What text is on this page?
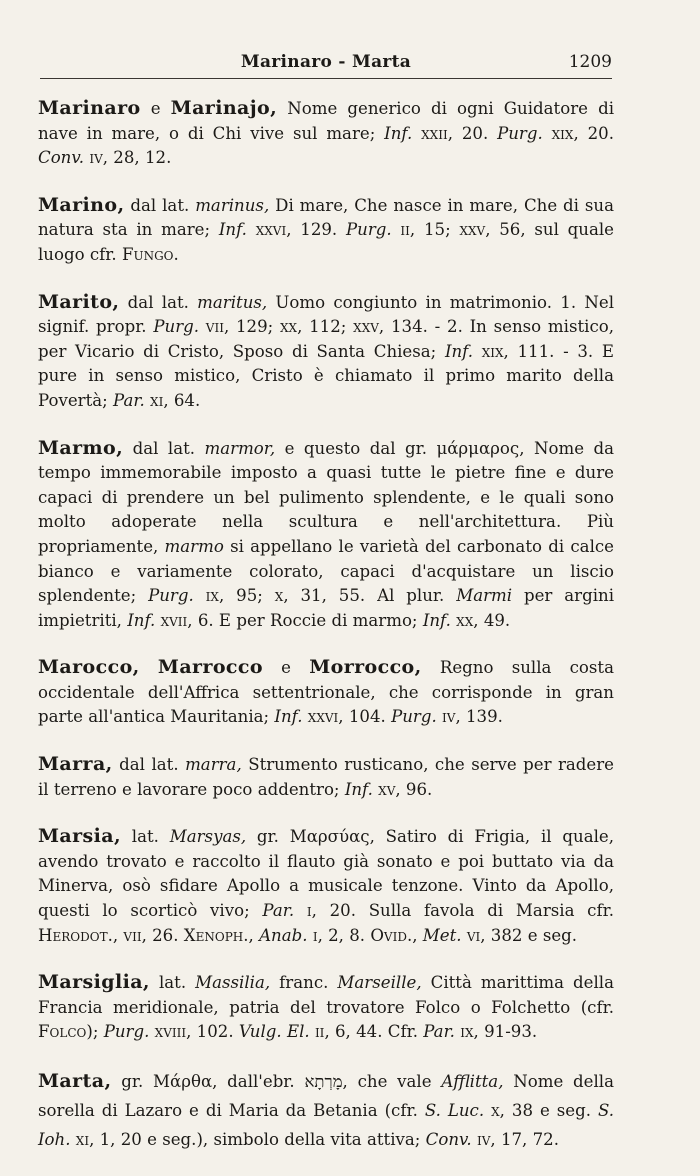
Marinaro - Marta	1209

Marinaro e Marinajo, Nome generico di ogni Guidatore di nave in mare, o di Chi vive sul mare; Inf. xxii, 20. Purg. xix, 20. Conv. iv, 28, 12.

Marino, dal lat. marinus, Di mare, Che nasce in mare, Che di sua natura sta in mare; Inf. xxvi, 129. Purg. ii, 15; xxv, 56, sul quale luogo cfr. Fungo.

Marito, dal lat. maritus, Uomo congiunto in matrimonio. 1. Nel signif. propr. Purg. vii, 129; xx, 112; xxv, 134. - 2. In senso mistico, per Vicario di Cristo, Sposo di Santa Chiesa; Inf. xix, 111. - 3. E pure in senso mistico, Cristo è chiamato il primo marito della Povertà; Par. xi, 64.

Marmo, dal lat. marmor, e questo dal gr. μάρμαρος, Nome da tempo immemorabile imposto a quasi tutte le pietre fine e dure capaci di prendere un bel pulimento splendente, e le quali sono molto adoperate nella scultura e nell'architettura. Più propriamente, marmo si appellano le varietà del carbonato di calce bianco e variamente colorato, capaci d'acquistare un liscio splendente; Purg. ix, 95; x, 31, 55. Al plur. Marmi per argini impietriti, Inf. xvii, 6. E per Roccie di marmo; Inf. xx, 49.

Marocco, Marrocco e Morrocco, Regno sulla costa occidentale dell'Affrica settentrionale, che corrisponde in gran parte all'antica Mauritania; Inf. xxvi, 104. Purg. iv, 139.

Marra, dal lat. marra, Strumento rusticano, che serve per radere il terreno e lavorare poco addentro; Inf. xv, 96.

Marsia, lat. Marsyas, gr. Μαρσύας, Satiro di Frigia, il quale, avendo trovato e raccolto il flauto già sonato e poi buttato via da Minerva, osò sfidare Apollo a musicale tenzone. Vinto da Apollo, questi lo scorticò vivo; Par. i, 20. Sulla favola di Marsia cfr. Herodot., vii, 26. Xenoph., Anab. i, 2, 8. Ovid., Met. vi, 382 e seg.

Marsiglia, lat. Massilia, franc. Marseille, Città marittima della Francia meridionale, patria del trovatore Folco o Folchetto (cfr. Folco); Purg. xviii, 102. Vulg. El. ii, 6, 44. Cfr. Par. ix, 91-93.

Marta, gr. Μάρθα, dall'ebr. מָרְתָא, che vale Afflitta, Nome della sorella di Lazaro e di Maria da Betania (cfr. S. Luc. x, 38 e seg. S. Ioh. xi, 1, 20 e seg.), simbolo della vita attiva; Conv. iv, 17, 72.
